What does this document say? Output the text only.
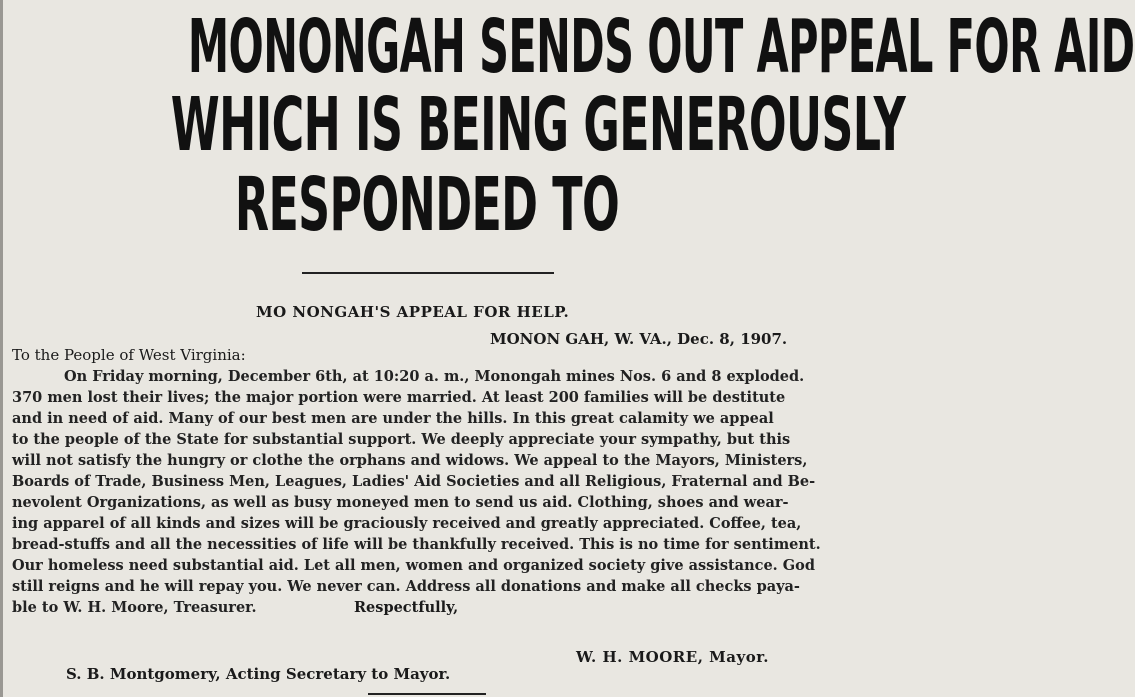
MONONGAH SENDS OUT APPEAL FOR AID
WHICH IS BEING GENEROUSLY
RESPONDED TO
MO NONGAH'S APPEAL FOR HELP.
MONON GAH, W. VA., Dec. 8, 1907.
To the People of West Virginia:
On Friday morning, December 6th, at 10:20 a. m., Monongah mines Nos. 6 and 8 exploded.
370 men lost their lives; the major portion were married. At least 200 families will be destitute
and in need of aid. Many of our best men are under the hills. In this great calamity we appeal
to the people of the State for substantial support. We deeply appreciate your sympathy, but this
will not satisfy the hungry or clothe the orphans and widows. We appeal to the Mayors, Ministers,
Boards of Trade, Business Men, Leagues, Ladies' Aid Societies and all Religious, Fraternal and Be-
nevolent Organizations, as well as busy moneyed men to send us aid. Clothing, shoes and wear-
ing apparel of all kinds and sizes will be graciously received and greatly appreciated. Coffee, tea,
bread-stuffs and all the necessities of life will be thankfully received. This is no time for sentiment.
Our homeless need substantial aid. Let all men, women and organized society give assistance. God
still reigns and he will repay you. We never can. Address all donations and make all checks paya-
ble to W. H. Moore, Treasurer.	Respectfully,
W. H. MOORE, Mayor.
S. B. Montgomery, Acting Secretary to Mayor.
